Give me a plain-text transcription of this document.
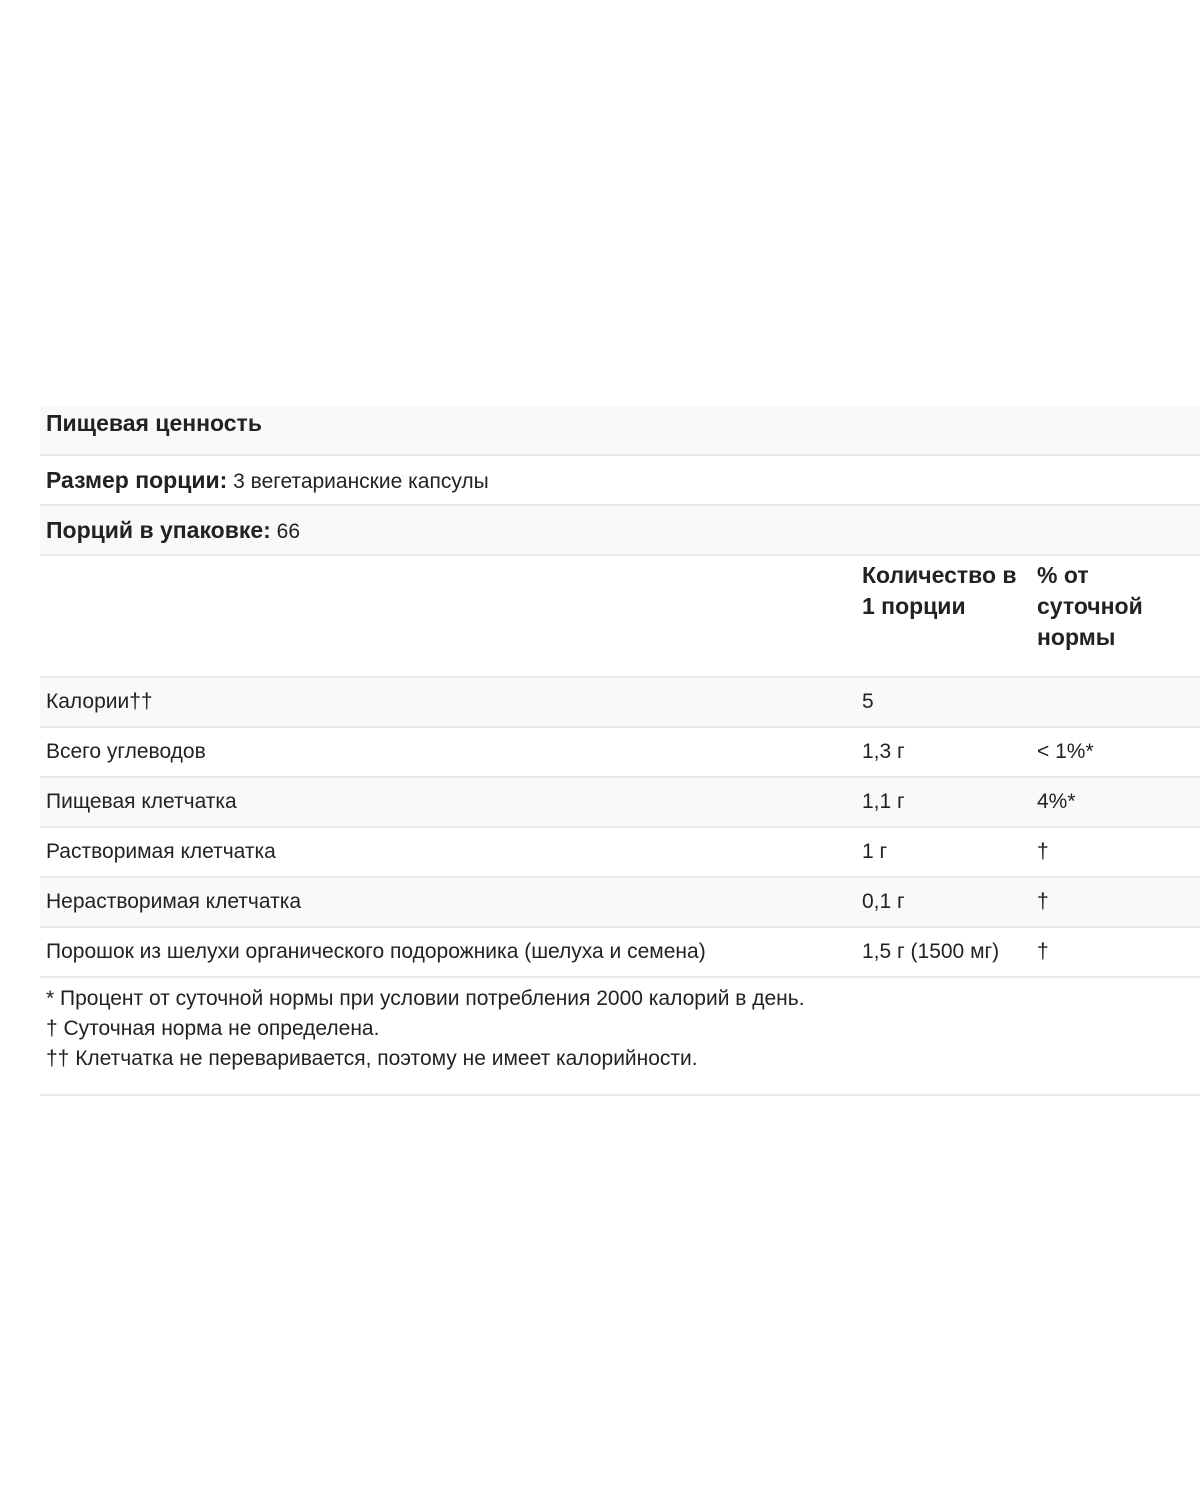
Пищевая ценность
Размер порции: 3 вегетарианские капсулы
Порций в упаковке: 66
Количество в 1 порции
% от суточной нормы
Калории††	5
Всего углеводов	1,3 г	< 1%*
Пищевая клетчатка	1,1 г	4%*
Растворимая клетчатка	1 г	†
Нерастворимая клетчатка	0,1 г	†
Порошок из шелухи органического подорожника (шелуха и семена)	1,5 г (1500 мг) †
* Процент от суточной нормы при условии потребления 2000 калорий в день.
† Суточная норма не определена.
†† Клетчатка не переваривается, поэтому не имеет калорийности.
